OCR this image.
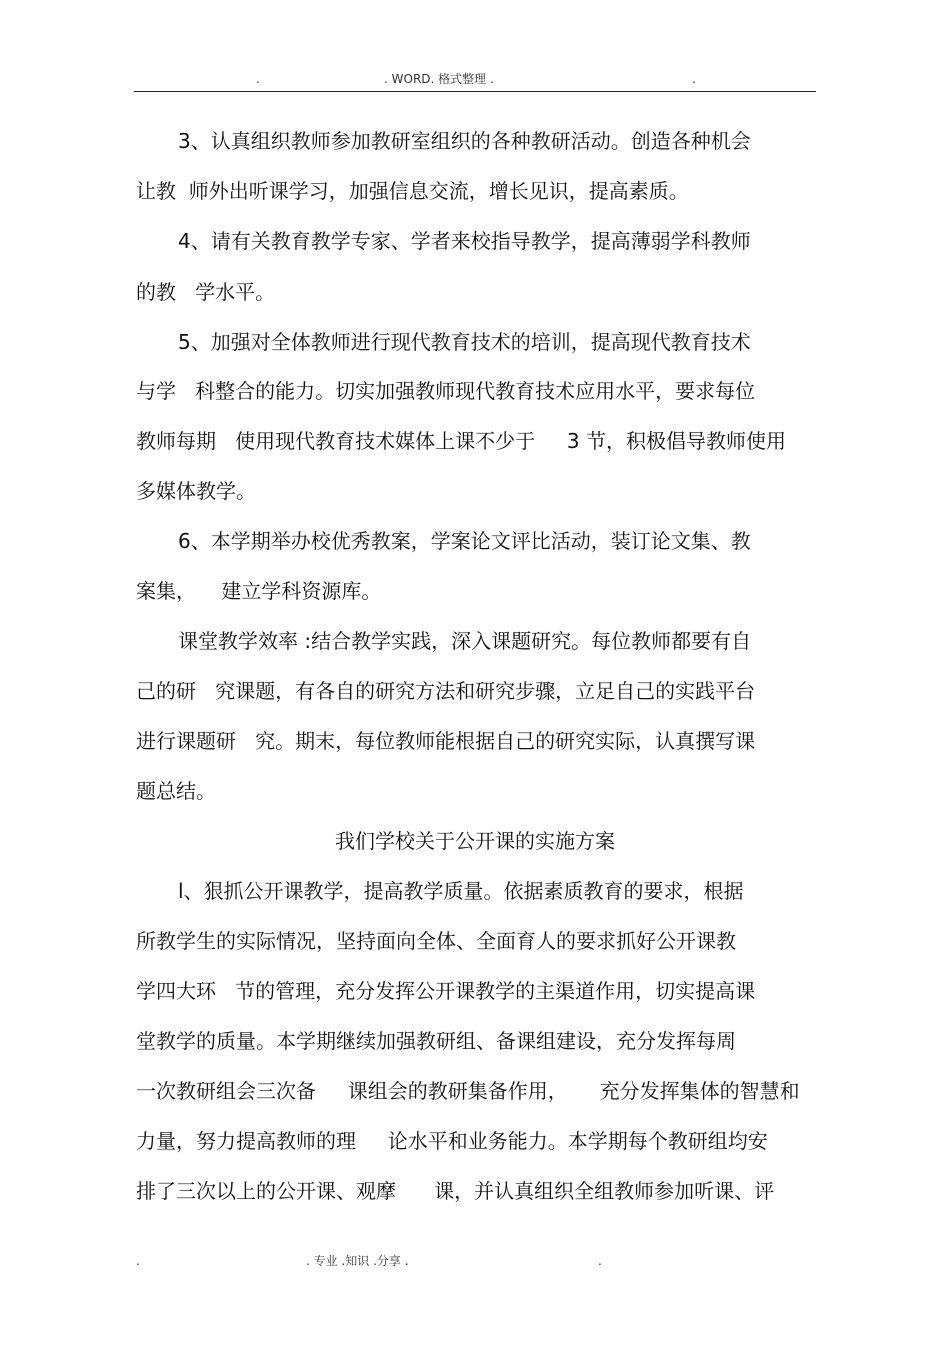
.	. WORD. 格式整理 .	.
3、认真组织教师参加教研室组织的各种教研活动。创造各种机会
让教  师外出听课学习，加强信息交流，增长见识，提高素质。
4、请有关教育教学专家、学者来校指导教学，提高薄弱学科教师
的教   学水平。
5、加强对全体教师进行现代教育技术的培训，提高现代教育技术
与学   科整合的能力。切实加强教师现代教育技术应用水平，要求每位
教师每期   使用现代教育技术媒体上课不少于     3 节，积极倡导教师使用
多媒体教学。
6、本学期举办校优秀教案，学案论文评比活动，装订论文集、教
案集，    建立学科资源库。
课堂教学效率 :结合教学实践，深入课题研究。每位教师都要有自
己的研   究课题，有各自的研究方法和研究步骤，立足自己的实践平台
进行课题研   究。期末，每位教师能根据自己的研究实际，认真撰写课
题总结。
我们学校关于公开课的实施方案
l、狠抓公开课教学，提高教学质量。依据素质教育的要求，根据
所教学生的实际情况，坚持面向全体、全面育人的要求抓好公开课教
学四大环   节的管理，充分发挥公开课教学的主渠道作用，切实提高课
堂教学的质量。本学期继续加强教研组、备课组建设，充分发挥每周
一次教研组会三次备     课组会的教研集备作用，     充分发挥集体的智慧和
力量，努力提高教师的理     论水平和业务能力。本学期每个教研组均安
排了三次以上的公开课、观摩      课，并认真组织全组教师参加听课、评
.	. 专业 .知识 .分享 .	.
